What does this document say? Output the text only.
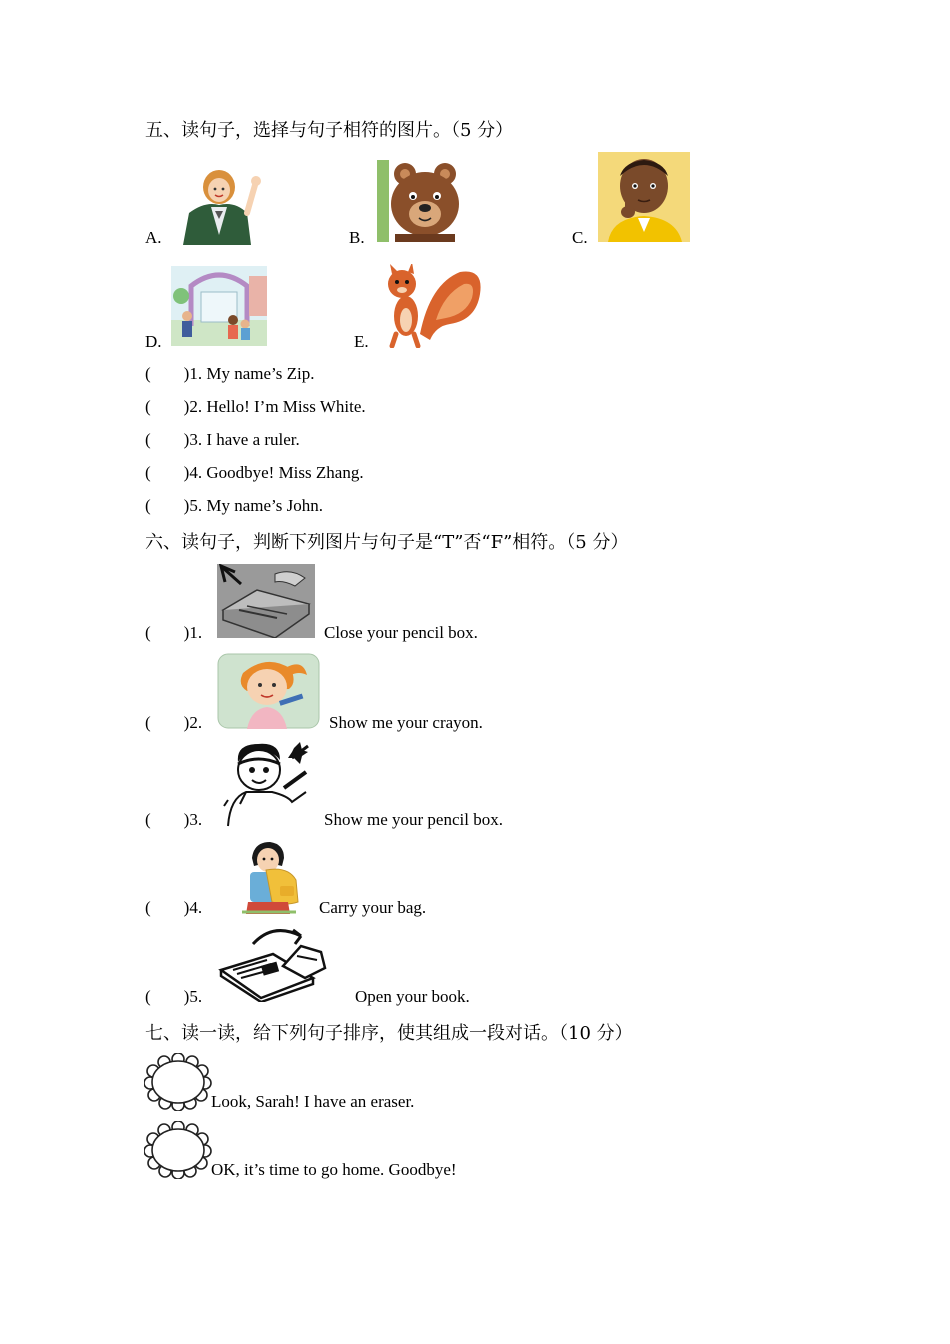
五、读句子，选择与句子相符的图片。（5 分）
A.	B.	C.
D.	E.
( )1. My name’s Zip.
( )2. Hello! I’m Miss White.
( )3. I have a ruler.
( )4. Goodbye! Miss Zhang.
( )5. My name’s John.
六、读句子，判断下列图片与句子是“T”否“F”相符。（5 分）
( )1.	Close your pencil box.
( )2.	Show me your crayon.
( )3.	Show me your pencil box.
( )4.	Carry your bag.
( )5.	Open your book.
七、读一读，给下列句子排序，使其组成一段对话。（10 分）
Look, Sarah! I have an eraser.
OK, it’s time to go home. Goodbye!
